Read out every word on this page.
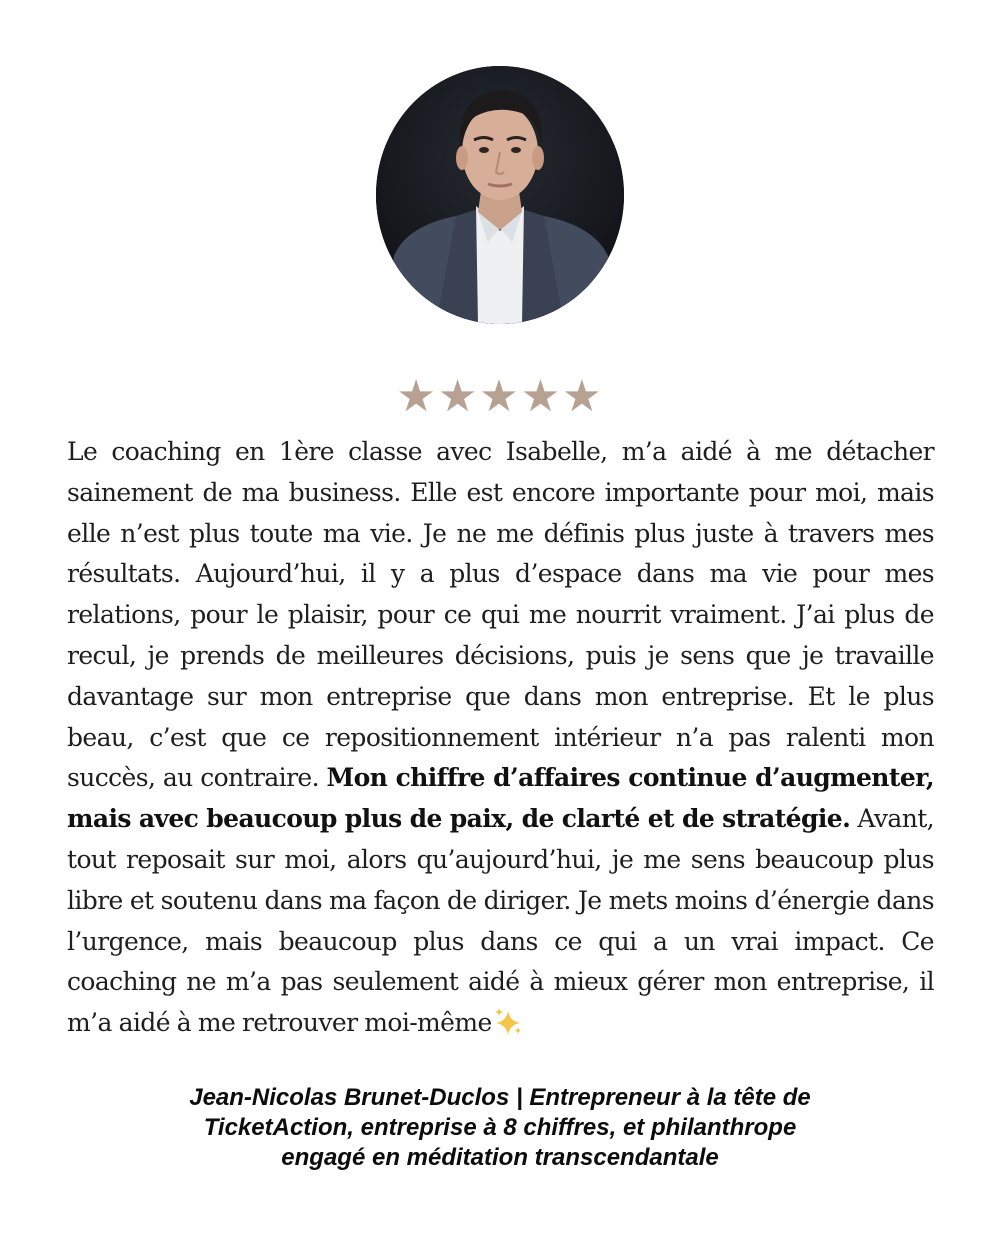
★★★★★

Le coaching en 1ère classe avec Isabelle, m’a aidé à me détacher sainement de ma business. Elle est encore importante pour moi, mais elle n’est plus toute ma vie. Je ne me définis plus juste à travers mes résultats. Aujourd’hui, il y a plus d’espace dans ma vie pour mes relations, pour le plaisir, pour ce qui me nourrit vraiment. J’ai plus de recul, je prends de meilleures décisions, puis je sens que je travaille davantage sur mon entreprise que dans mon entreprise. Et le plus beau, c’est que ce repositionnement intérieur n’a pas ralenti mon succès, au contraire. Mon chiffre d’affaires continue d’augmenter, mais avec beaucoup plus de paix, de clarté et de stratégie. Avant, tout reposait sur moi, alors qu’aujourd’hui, je me sens beaucoup plus libre et soutenu dans ma façon de diriger. Je mets moins d’énergie dans l’urgence, mais beaucoup plus dans ce qui a un vrai impact. Ce coaching ne m’a pas seulement aidé à mieux gérer mon entreprise, il m’a aidé à me retrouver moi-même

Jean-Nicolas Brunet-Duclos | Entrepreneur à la tête de
TicketAction, entreprise à 8 chiffres, et philanthrope
engagé en méditation transcendantale
